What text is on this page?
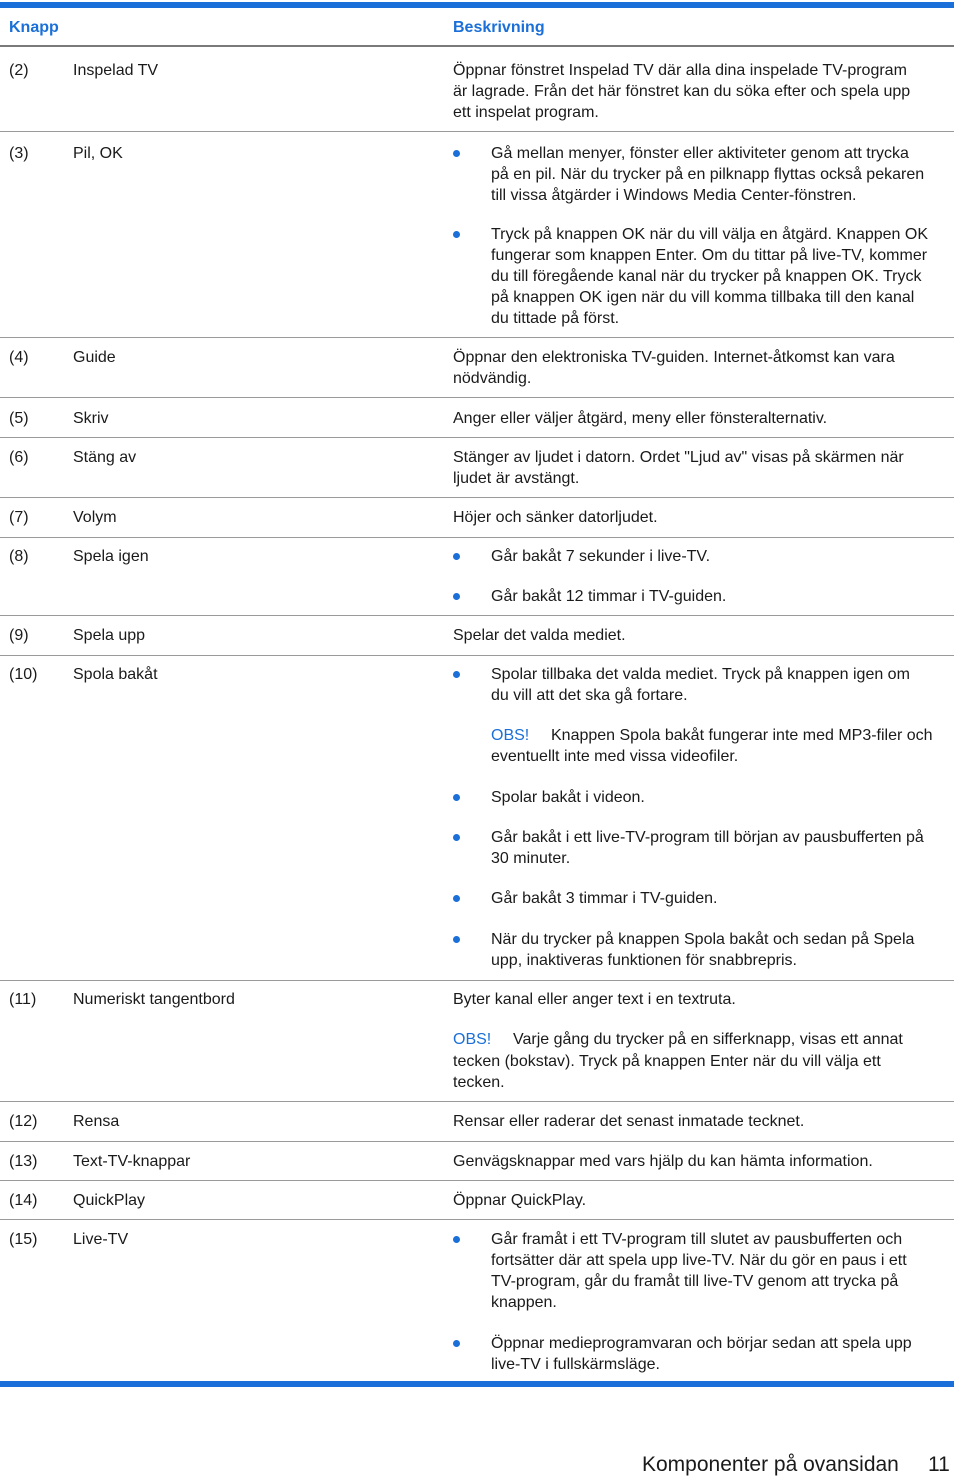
Knapp	Beskrivning
(2)	Inspelad TV	Öppnar fönstret Inspelad TV där alla dina inspelade TV-program
är lagrade. Från det här fönstret kan du söka efter och spela upp
ett inspelat program.
(3)	Pil, OK	Gå mellan menyer, fönster eller aktiviteter genom att trycka
på en pil. När du trycker på en pilknapp flyttas också pekaren
till vissa åtgärder i Windows Media Center-fönstren.
Tryck på knappen OK när du vill välja en åtgärd. Knappen OK
fungerar som knappen Enter. Om du tittar på live-TV, kommer
du till föregående kanal när du trycker på knappen OK. Tryck
på knappen OK igen när du vill komma tillbaka till den kanal
du tittade på först.
(4)	Guide	Öppnar den elektroniska TV-guiden. Internet-åtkomst kan vara
nödvändig.
(5)	Skriv	Anger eller väljer åtgärd, meny eller fönsteralternativ.
(6)	Stäng av	Stänger av ljudet i datorn. Ordet "Ljud av" visas på skärmen när
ljudet är avstängt.
(7)	Volym	Höjer och sänker datorljudet.
(8)	Spela igen	Går bakåt 7 sekunder i live-TV.
Går bakåt 12 timmar i TV-guiden.
(9)	Spela upp	Spelar det valda mediet.
(10) Spola bakåt	Spolar tillbaka det valda mediet. Tryck på knappen igen om
du vill att det ska gå fortare.
OBS! Knappen Spola bakåt fungerar inte med MP3-filer och
eventuellt inte med vissa videofiler.
Spolar bakåt i videon.
Går bakåt i ett live-TV-program till början av pausbufferten på
30 minuter.
Går bakåt 3 timmar i TV-guiden.
När du trycker på knappen Spola bakåt och sedan på Spela
upp, inaktiveras funktionen för snabbrepris.
(11) Numeriskt tangentbord	Byter kanal eller anger text i en textruta.
OBS! Varje gång du trycker på en sifferknapp, visas ett annat
tecken (bokstav). Tryck på knappen Enter när du vill välja ett
tecken.
(12) Rensa	Rensar eller raderar det senast inmatade tecknet.
(13) Text-TV-knappar	Genvägsknappar med vars hjälp du kan hämta information.
(14) QuickPlay	Öppnar QuickPlay.
(15) Live-TV	Går framåt i ett TV-program till slutet av pausbufferten och
fortsätter där att spela upp live-TV. När du gör en paus i ett
TV-program, går du framåt till live-TV genom att trycka på
knappen.
Öppnar medieprogramvaran och börjar sedan att spela upp
live-TV i fullskärmsläge.
Komponenter på ovansidan 11
